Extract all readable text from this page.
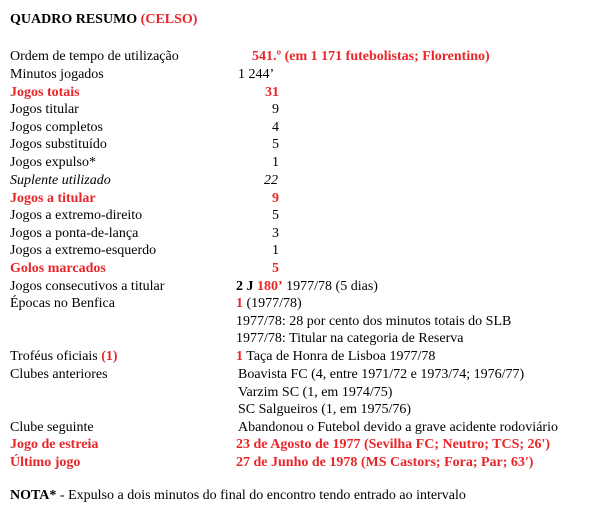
QUADRO RESUMO (CELSO)
Ordem de tempo de utilização	541.º (em 1 171 futebolistas; Florentino)
Minutos jogados	1 244’
Jogos totais	31
Jogos titular	9
Jogos completos	4
Jogos substituído	5
Jogos expulso*	1
Suplente utilizado	22
Jogos a titular	9
Jogos a extremo-direito	5
Jogos a ponta-de-lança	3
Jogos a extremo-esquerdo	1
Golos marcados	5
Jogos consecutivos a titular	2 J 180’ 1977/78 (5 dias)
Épocas no Benfica	1 (1977/78)
1977/78: 28 por cento dos minutos totais do SLB
1977/78: Titular na categoria de Reserva
Troféus oficiais (1)	1 Taça de Honra de Lisboa 1977/78
Clubes anteriores	Boavista FC (4, entre 1971/72 e 1973/74; 1976/77)
Varzim SC (1, em 1974/75)
SC Salgueiros (1, em 1975/76)
Clube seguinte	Abandonou o Futebol devido a grave acidente rodoviário
Jogo de estreia	23 de Agosto de 1977 (Sevilha FC; Neutro; TCS; 26')
Último jogo	27 de Junho de 1978 (MS Castors; Fora; Par; 63')
NOTA* - Expulso a dois minutos do final do encontro tendo entrado ao intervalo
